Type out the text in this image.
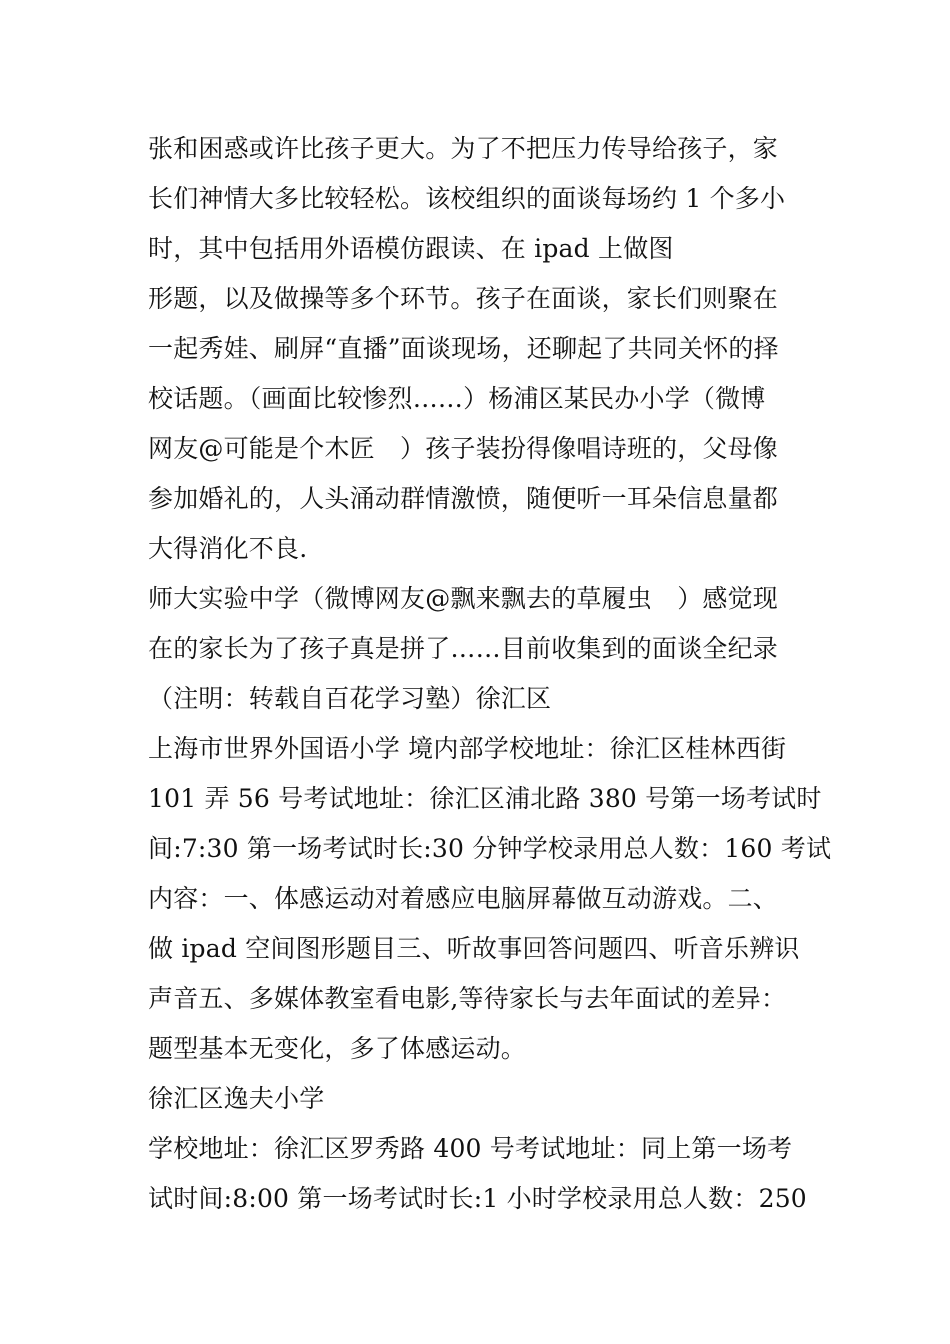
张和困惑或许比孩子更大。为了不把压力传导给孩子，家
长们神情大多比较轻松。该校组织的面谈每场约 1 个多小
时，其中包括用外语模仿跟读、在 ipad 上做图
形题，以及做操等多个环节。孩子在面谈，家长们则聚在
一起秀娃、刷屏“直播”面谈现场，还聊起了共同关怀的择
校话题。（画面比较惨烈……）杨浦区某民办小学（微博
网友@可能是个木匠　）孩子装扮得像唱诗班的，父母像
参加婚礼的，人头涌动群情激愤，随便听一耳朵信息量都
大得消化不良.
师大实验中学（微博网友@飘来飘去的草履虫　）感觉现
在的家长为了孩子真是拼了……目前收集到的面谈全纪录
（注明：转载自百花学习塾）徐汇区
上海市世界外国语小学 境内部学校地址：徐汇区桂林西街
101 弄 56 号考试地址：徐汇区浦北路 380 号第一场考试时
间:7:30 第一场考试时长:30 分钟学校录用总人数：160 考试
内容：一、体感运动对着感应电脑屏幕做互动游戏。二、
做 ipad 空间图形题目三、听故事回答问题四、听音乐辨识
声音五、多媒体教室看电影,等待家长与去年面试的差异：
题型基本无变化，多了体感运动。
徐汇区逸夫小学
学校地址：徐汇区罗秀路 400 号考试地址：同上第一场考
试时间:8:00 第一场考试时长:1 小时学校录用总人数：250
